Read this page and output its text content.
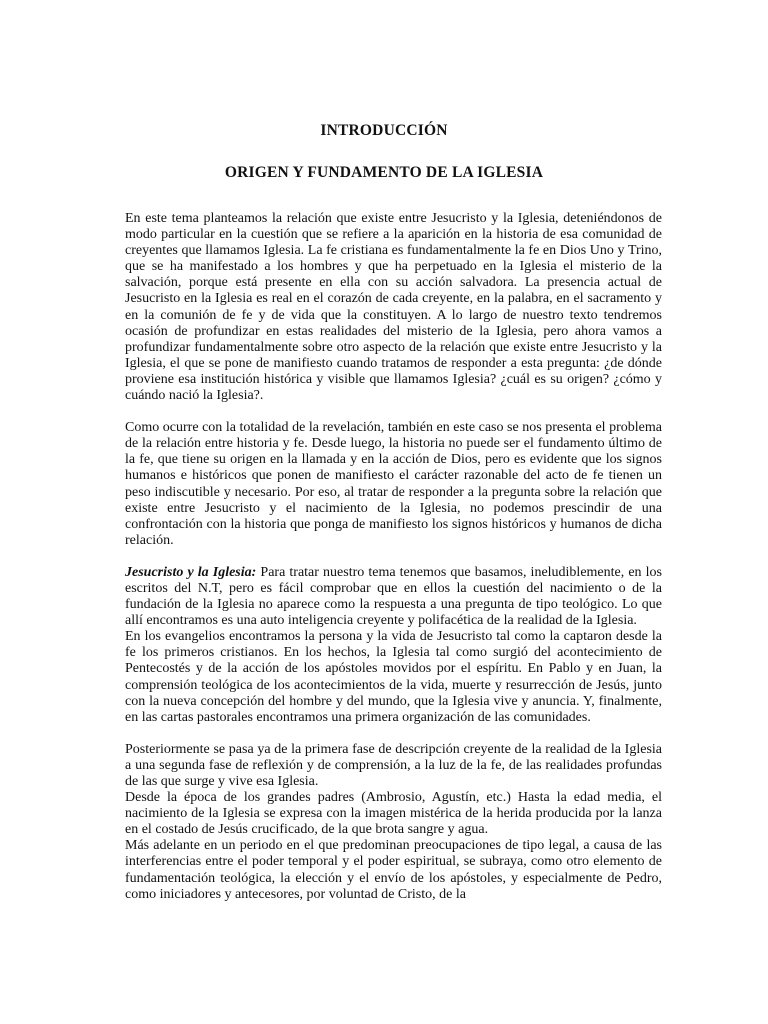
INTRODUCCIÓN
ORIGEN Y FUNDAMENTO DE LA IGLESIA

En este tema planteamos la relación que existe entre Jesucristo y la Iglesia, deteniéndonos de modo particular en la cuestión que se refiere a la aparición en la historia de esa comunidad de creyentes que llamamos Iglesia. La fe cristiana es fundamentalmente la fe en Dios Uno y Trino, que se ha manifestado a los hombres y que ha perpetuado en la Iglesia el misterio de la salvación, porque está presente en ella con su acción salvadora. La presencia actual de Jesucristo en la Iglesia es real en el corazón de cada creyente, en la palabra, en el sacramento y en la comunión de fe y de vida que la constituyen. A lo largo de nuestro texto tendremos ocasión de profundizar en estas realidades del misterio de la Iglesia, pero ahora vamos a profundizar fundamentalmente sobre otro aspecto de la relación que existe entre Jesucristo y la Iglesia, el que se pone de manifiesto cuando tratamos de responder a esta pregunta: ¿de dónde proviene esa institución histórica y visible que llamamos Iglesia? ¿cuál es su origen? ¿cómo y cuándo nació la Iglesia?.

Como ocurre con la totalidad de la revelación, también en este caso se nos presenta el problema de la relación entre historia y fe. Desde luego, la historia no puede ser el fundamento último de la fe, que tiene su origen en la llamada y en la acción de Dios, pero es evidente que los signos humanos e históricos que ponen de manifiesto el carácter razonable del acto de fe tienen un peso indiscutible y necesario. Por eso, al tratar de responder a la pregunta sobre la relación que existe entre Jesucristo y el nacimiento de la Iglesia, no podemos prescindir de una confrontación con la historia que ponga de manifiesto los signos históricos y humanos de dicha relación.

Jesucristo y la Iglesia: Para tratar nuestro tema tenemos que basamos, ineludiblemente, en los escritos del N.T, pero es fácil comprobar que en ellos la cuestión del nacimiento o de la fundación de la Iglesia no aparece como la respuesta a una pregunta de tipo teológico. Lo que allí encontramos es una auto inteligencia creyente y polifacética de la realidad de la Iglesia.

En los evangelios encontramos la persona y la vida de Jesucristo tal como la captaron desde la fe los primeros cristianos. En los hechos, la Iglesia tal como surgió del acontecimiento de Pentecostés y de la acción de los apóstoles movidos por el espíritu. En Pablo y en Juan, la comprensión teológica de los acontecimientos de la vida, muerte y resurrección de Jesús, junto con la nueva concepción del hombre y del mundo, que la Iglesia vive y anuncia. Y, finalmente, en las cartas pastorales encontramos una primera organización de las comunidades.

Posteriormente se pasa ya de la primera fase de descripción creyente de la realidad de la Iglesia a una segunda fase de reflexión y de comprensión, a la luz de la fe, de las realidades profundas de las que surge y vive esa Iglesia.

Desde la época de los grandes padres (Ambrosio, Agustín, etc.) Hasta la edad media, el nacimiento de la Iglesia se expresa con la imagen mistérica de la herida producida por la lanza en el costado de Jesús crucificado, de la que brota sangre y agua.

Más adelante en un periodo en el que predominan preocupaciones de tipo legal, a causa de las interferencias entre el poder temporal y el poder espiritual, se subraya, como otro elemento de fundamentación teológica, la elección y el envío de los apóstoles, y especialmente de Pedro, como iniciadores y antecesores, por voluntad de Cristo, de la
